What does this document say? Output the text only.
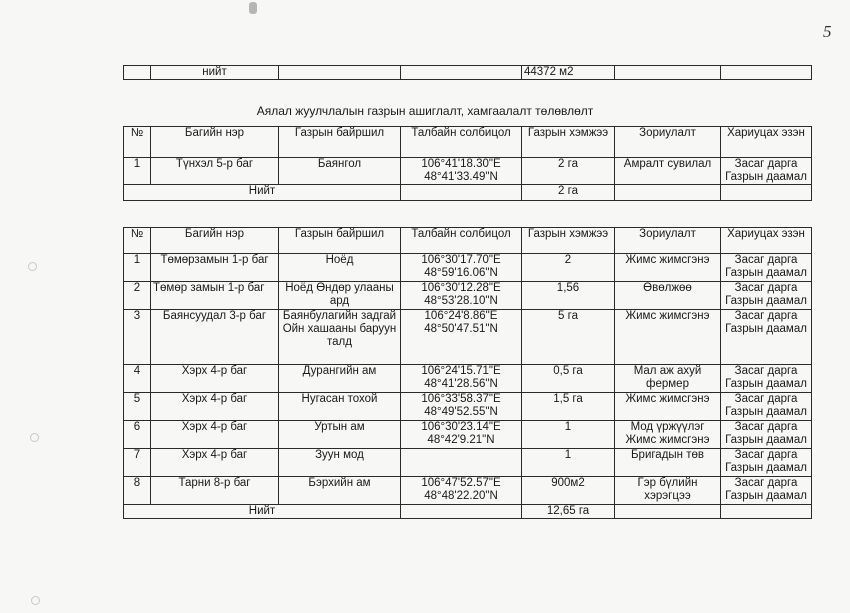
5
	нийт			44372 м2		
Аялал жуулчлалын газрын ашиглалт, хамгаалалт төлөвлөлт
№	Багийн нэр	Газрын байршил	Талбайн солбицол	Газрын хэмжээ	Зориулалт	Хариуцах эзэн
1	Түнхэл 5-р баг	Баянгол	106°41'18.30"E 48°41'33.49"N	2 га	Амралт сувилал	Засаг дарга Газрын даамал
Нийт				2 га		
№	Багийн нэр	Газрын байршил	Талбайн солбицол	Газрын хэмжээ	Зориулалт	Хариуцах эзэн
1	Төмөрзамын 1-р баг	Ноёд	106°30'17.70"E 48°59'16.06"N	2	Жимс жимсгэнэ	Засаг дарга Газрын даамал
2	Төмөр замын 1-р баг	Ноёд Өндөр улааны ард	106°30'12.28"E 48°53'28.10"N	1,56	Өвөлжөө	Засаг дарга Газрын даамал
3	Баянсуудал 3-р баг	Баянбулагийн задгай Ойн хашааны баруун талд	106°24'8.86"E 48°50'47.51"N	5 га	Жимс жимсгэнэ	Засаг дарга Газрын даамал
4	Хэрх 4-р баг	Дурангийн ам	106°24'15.71"E 48°41'28.56"N	0,5 га	Мал аж ахуй фермер	Засаг дарга Газрын даамал
5	Хэрх 4-р баг	Нугасан тохой	106°33'58.37"E 48°49'52.55"N	1,5 га	Жимс жимсгэнэ	Засаг дарга Газрын даамал
6	Хэрх 4-р баг	Уртын ам	106°30'23.14"E 48°42'9.21"N	1	Мод үржүүлэг Жимс жимсгэнэ	Засаг дарга Газрын даамал
7	Хэрх 4-р баг	Зуун мод		1	Бригадын төв	Засаг дарга Газрын даамал
8	Тарни 8-р баг	Бэрхийн ам	106°47'52.57"E 48°48'22.20"N	900м2	Гэр бүлийн хэрэгцээ	Засаг дарга Газрын даамал
Нийт				12,65 га		
